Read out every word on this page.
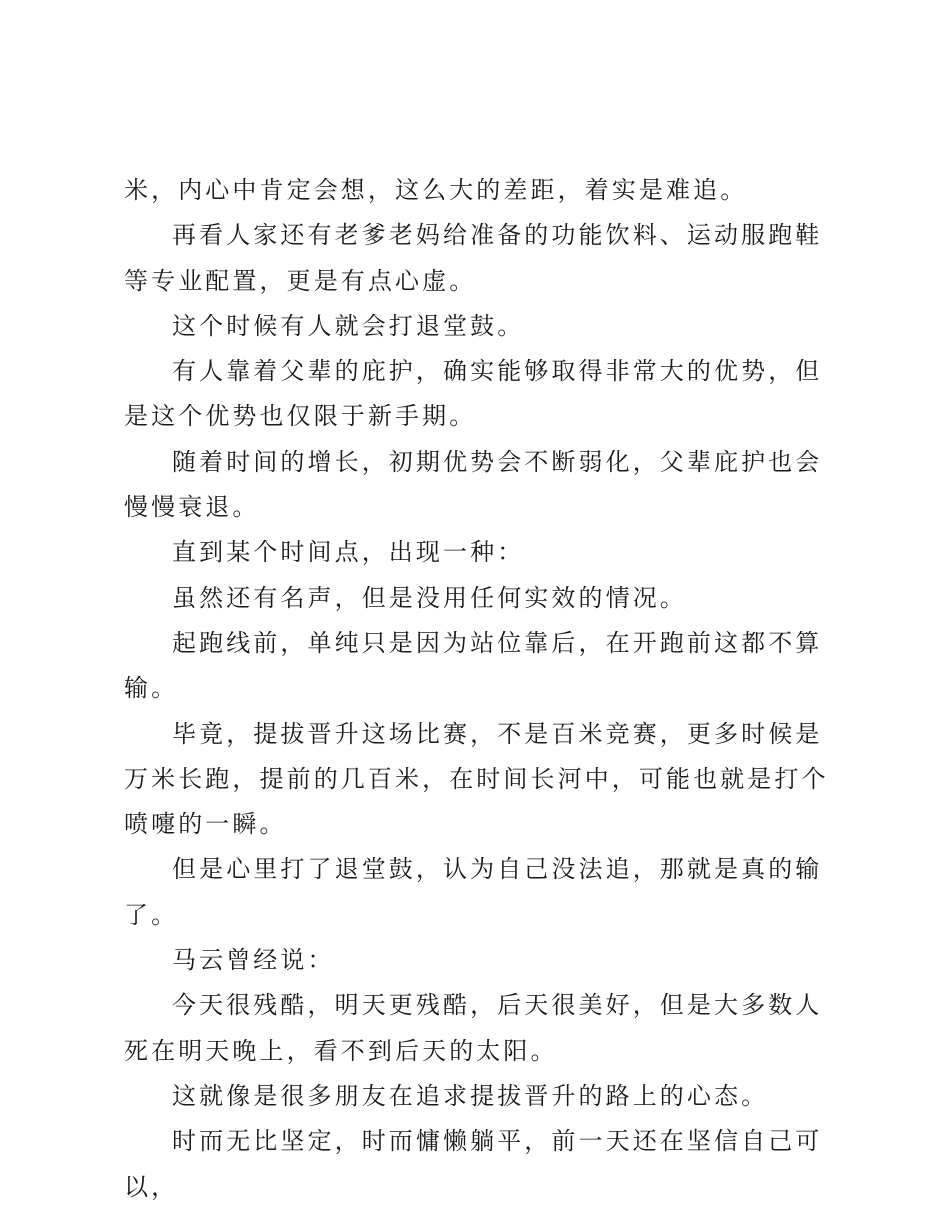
米，内心中肯定会想，这么大的差距，着实是难追。

再看人家还有老爹老妈给准备的功能饮料、运动服跑鞋等专业配置，更是有点心虚。

这个时候有人就会打退堂鼓。

有人靠着父辈的庇护，确实能够取得非常大的优势，但是这个优势也仅限于新手期。

随着时间的增长，初期优势会不断弱化，父辈庇护也会慢慢衰退。

直到某个时间点，出现一种：

虽然还有名声，但是没用任何实效的情况。

起跑线前，单纯只是因为站位靠后，在开跑前这都不算输。

毕竟，提拔晋升这场比赛，不是百米竞赛，更多时候是万米长跑，提前的几百米，在时间长河中，可能也就是打个喷嚏的一瞬。

但是心里打了退堂鼓，认为自己没法追，那就是真的输了。

马云曾经说：

今天很残酷，明天更残酷，后天很美好，但是大多数人死在明天晚上，看不到后天的太阳。

这就像是很多朋友在追求提拔晋升的路上的心态。

时而无比坚定，时而慵懒躺平，前一天还在坚信自己可以，
